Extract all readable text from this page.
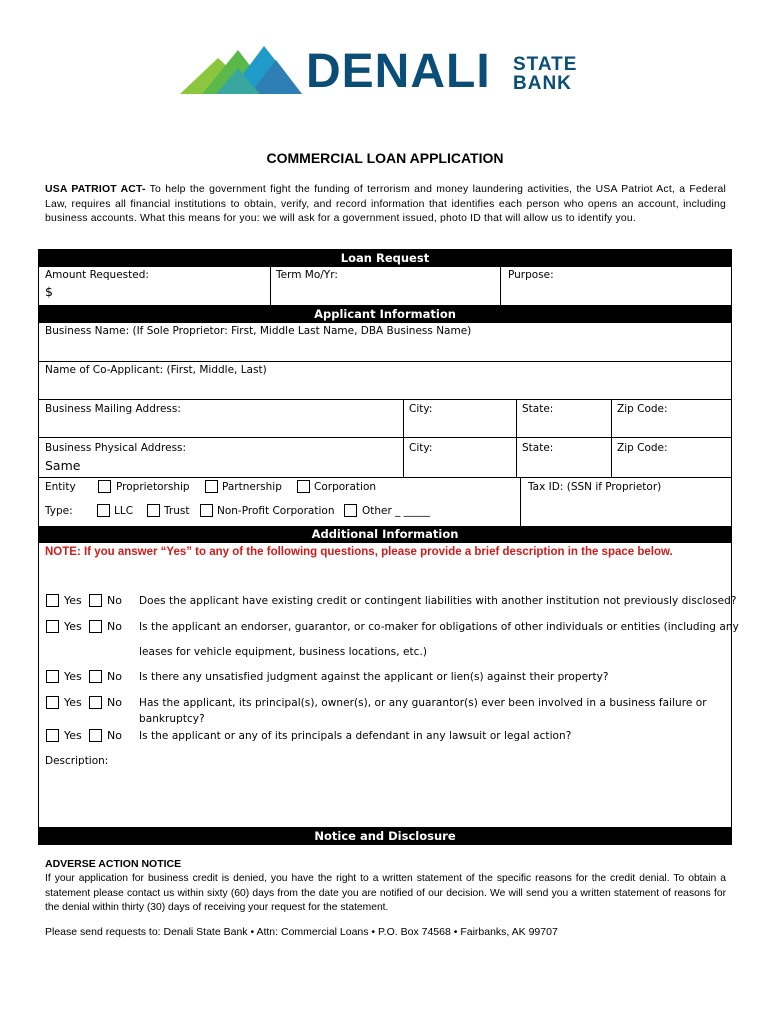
DENALI STATE
BANK
COMMERCIAL LOAN APPLICATION
USA PATRIOT ACT- To help the government fight the funding of terrorism and money laundering activities, the USA Patriot Act, a Federal Law, requires all financial institutions to obtain, verify, and record information that identifies each person who opens an account, including business accounts. What this means for you: we will ask for a government issued, photo ID that will allow us to identify you.
Loan Request
Amount Requested:
$
Term Mo/Yr:	Purpose:
Applicant Information
Business Name: (If Sole Proprietor: First, Middle Last Name, DBA Business Name)
Name of Co-Applicant: (First, Middle, Last)
Business Mailing Address:	City:	State:	Zip Code:
Business Physical Address:
Same
City:	State:	Zip Code:
Entity
Type:
Proprietorship	Partnership	Corporation
LLC	Trust	Non-Profit Corporation	Other _ _____
Tax ID: (SSN if Proprietor)
Additional Information
NOTE: If you answer “Yes” to any of the following questions, please provide a brief description in the space below.
Yes No Does the applicant have existing credit or contingent liabilities with another institution not previously disclosed?
Yes No Is the applicant an endorser, guarantor, or co-maker for obligations of other individuals or entities (including any
leases for vehicle equipment, business locations, etc.)
Yes No Is there any unsatisfied judgment against the applicant or lien(s) against their property?
Yes No Has the applicant, its principal(s), owner(s), or any guarantor(s) ever been involved in a business failure or
bankruptcy?
Yes No Is the applicant or any of its principals a defendant in any lawsuit or legal action?
Description:
Notice and Disclosure
ADVERSE ACTION NOTICE
If your application for business credit is denied, you have the right to a written statement of the specific reasons for the credit denial. To obtain a statement please contact us within sixty (60) days from the date you are notified of our decision. We will send you a written statement of reasons for the denial within thirty (30) days of receiving your request for the statement.
Please send requests to: Denali State Bank • Attn: Commercial Loans • P.O. Box 74568 • Fairbanks, AK 99707
